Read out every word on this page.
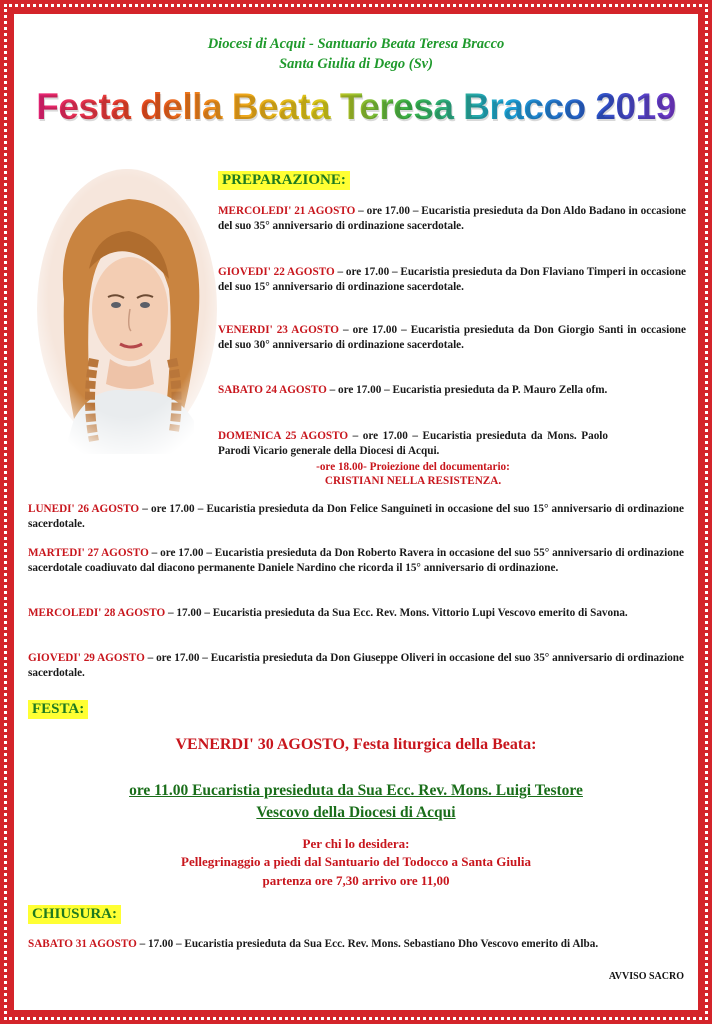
Diocesi di Acqui - Santuario Beata Teresa Bracco
Santa Giulia di Dego (Sv)
Festa della Beata Teresa Bracco 2019
PREPARAZIONE:
MERCOLEDI' 21 AGOSTO – ore 17.00 – Eucaristia presieduta da Don Aldo Badano in occasione del suo 35° anniversario di ordinazione sacerdotale.
GIOVEDI' 22 AGOSTO – ore 17.00 – Eucaristia presieduta da Don Flaviano Timperi in occasione del suo 15° anniversario di ordinazione sacerdotale.
VENERDI' 23 AGOSTO – ore 17.00 – Eucaristia presieduta da Don Giorgio Santi in occasione del suo 30° anniversario di ordinazione sacerdotale.
SABATO 24 AGOSTO – ore 17.00 – Eucaristia presieduta da P. Mauro Zella ofm.
DOMENICA 25 AGOSTO – ore 17.00 – Eucaristia presieduta da Mons. Paolo Parodi Vicario generale della Diocesi di Acqui.
-ore 18.00- Proiezione del documentario:
CRISTIANI NELLA RESISTENZA.
LUNEDI' 26 AGOSTO – ore 17.00 – Eucaristia presieduta da Don Felice Sanguineti in occasione del suo 15° anniversario di ordinazione sacerdotale.
MARTEDI' 27 AGOSTO – ore 17.00 – Eucaristia presieduta da Don Roberto Ravera in occasione del suo 55° anniversario di ordinazione sacerdotale coadiuvato dal diacono permanente Daniele Nardino che ricorda il 15° anniversario di ordinazione.
MERCOLEDI' 28 AGOSTO – 17.00 – Eucaristia presieduta da Sua Ecc. Rev. Mons. Vittorio Lupi Vescovo emerito di Savona.
GIOVEDI' 29 AGOSTO – ore 17.00 – Eucaristia presieduta da Don Giuseppe Oliveri in occasione del suo 35° anniversario di ordinazione sacerdotale.
FESTA:
VENERDI' 30 AGOSTO, Festa liturgica della Beata:
ore 11.00 Eucaristia presieduta da Sua Ecc. Rev. Mons. Luigi Testore
Vescovo della Diocesi di Acqui
Per chi lo desidera:
Pellegrinaggio a piedi dal Santuario del Todocco a Santa Giulia
partenza ore 7,30 arrivo ore 11,00
CHIUSURA:
SABATO 31 AGOSTO – 17.00 – Eucaristia presieduta da Sua Ecc. Rev. Mons. Sebastiano Dho Vescovo emerito di Alba.
AVVISO SACRO
